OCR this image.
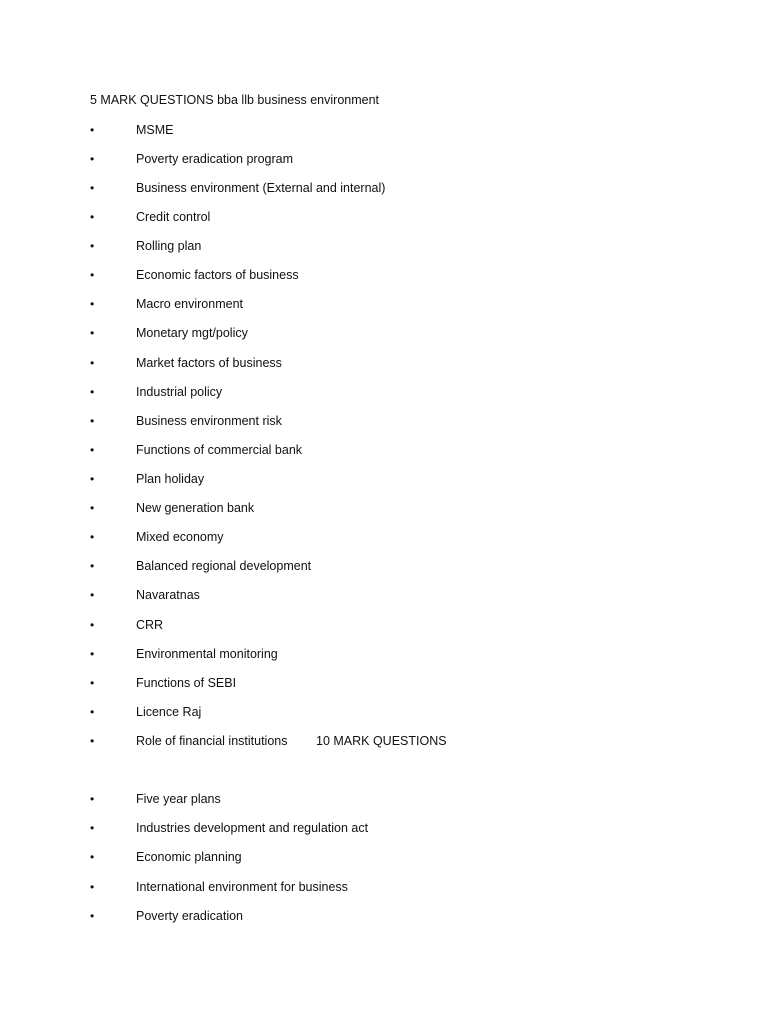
5 MARK QUESTIONS bba llb business environment
•	MSME
•	Poverty eradication program
•	Business environment (External and internal)
•	Credit control
•	Rolling plan
•	Economic factors of business
•	Macro environment
•	Monetary mgt/policy
•	Market factors of business
•	Industrial policy
•	Business environment risk
•	Functions of commercial bank
•	Plan holiday
•	New generation bank
•	Mixed economy
•	Balanced regional development
•	Navaratnas
•	CRR
•	Environmental monitoring
•	Functions of SEBI
•	Licence Raj
•	Role of financial institutions 10 MARK QUESTIONS
•	Five year plans
•	Industries development and regulation act
•	Economic planning
•	International environment for business
•	Poverty eradication
